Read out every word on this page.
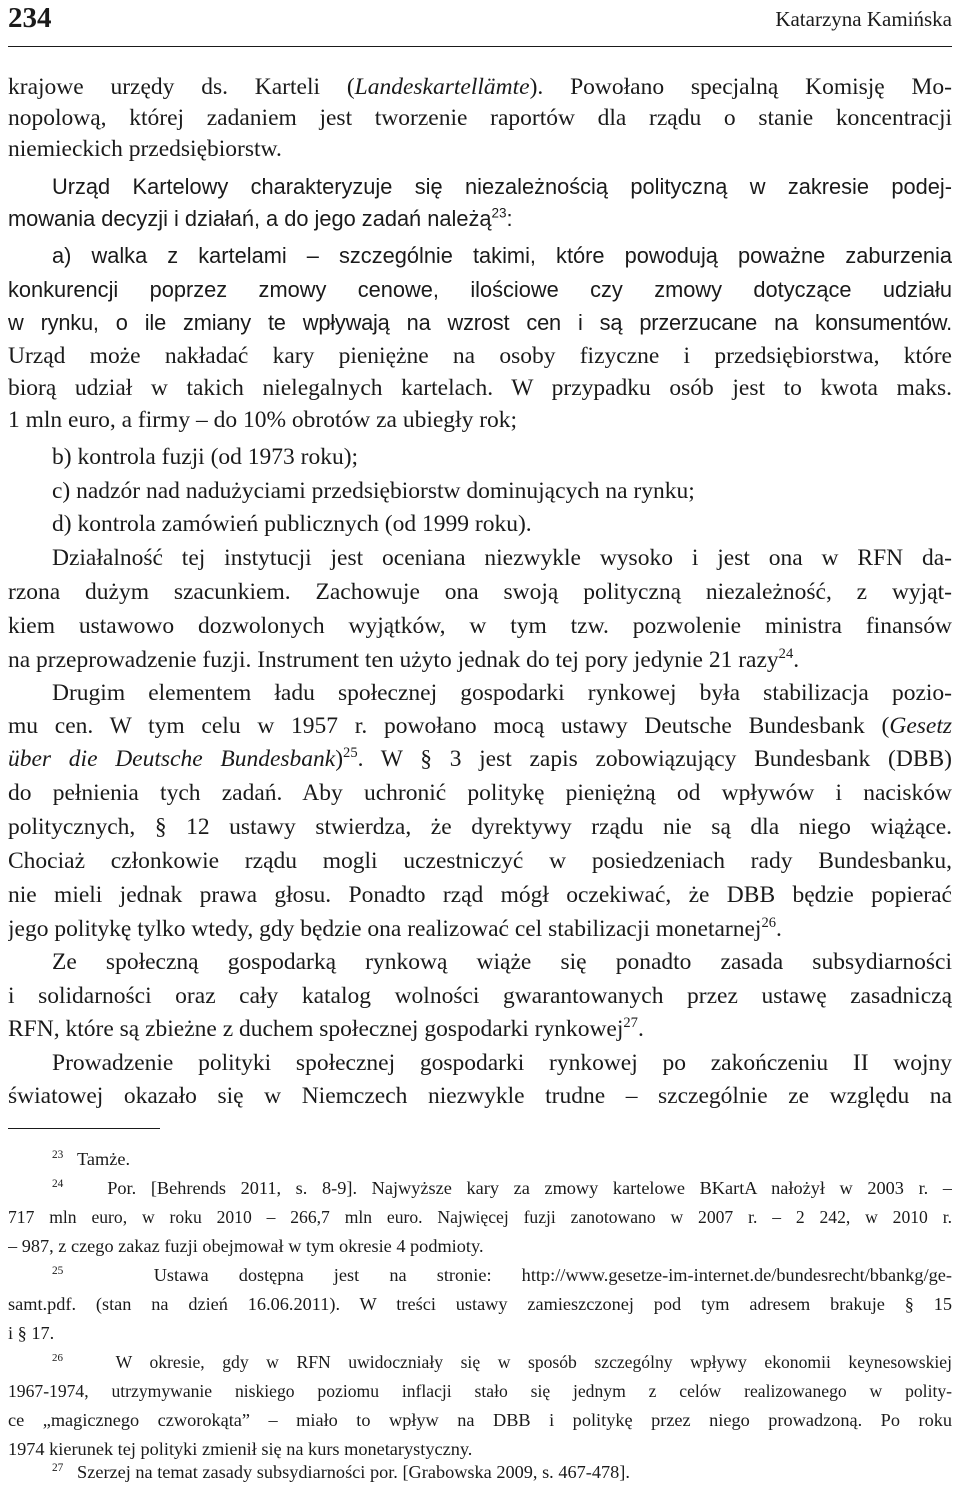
234	Katarzyna Kamińska
krajowe urzędy ds. Karteli (Landeskartellämte). Powołano specjalną Komisję Mo-
nopolową, której zadaniem jest tworzenie raportów dla rządu o stanie koncentracji
niemieckich przedsiębiorstw.
Urząd Kartelowy charakteryzuje się niezależnością polityczną w zakresie podej-
mowania decyzji i działań, a do jego zadań należą$^{23}$:
a) walka z kartelami – szczególnie takimi, które powodują poważne zaburzenia
konkurencji poprzez zmowy cenowe, ilościowe czy zmowy dotyczące udziału
w rynku, o ile zmiany te wpływają na wzrost cen i są przerzucane na konsumentów.
Urząd może nakładać kary pieniężne na osoby fizyczne i przedsiębiorstwa, które
biorą udział w takich nielegalnych kartelach. W przypadku osób jest to kwota maks.
1 mln euro, a firmy – do 10% obrotów za ubiegły rok;
b) kontrola fuzji (od 1973 roku);
c) nadzór nad nadużyciami przedsiębiorstw dominujących na rynku;
d) kontrola zamówień publicznych (od 1999 roku).
Działalność tej instytucji jest oceniana niezwykle wysoko i jest ona w RFN da-
rzona dużym szacunkiem. Zachowuje ona swoją polityczną niezależność, z wyjąt-
kiem ustawowo dozwolonych wyjątków, w tym tzw. pozwolenie ministra finansów
na przeprowadzenie fuzji. Instrument ten użyto jednak do tej pory jedynie 21 razy$^{24}$.
Drugim elementem ładu społecznej gospodarki rynkowej była stabilizacja pozio-
mu cen. W tym celu w 1957 r. powołano mocą ustawy Deutsche Bundesbank (Gesetz
über die Deutsche Bundesbank)$^{25}$. W § 3 jest zapis zobowiązujący Bundesbank (DBB)
do pełnienia tych zadań. Aby uchronić politykę pieniężną od wpływów i nacisków
politycznych, § 12 ustawy stwierdza, że dyrektywy rządu nie są dla niego wiążące.
Chociaż członkowie rządu mogli uczestniczyć w posiedzeniach rady Bundesbanku,
nie mieli jednak prawa głosu. Ponadto rząd mógł oczekiwać, że DBB będzie popierać
jego politykę tylko wtedy, gdy będzie ona realizować cel stabilizacji monetarnej$^{26}$.
Ze społeczną gospodarką rynkową wiąże się ponadto zasada subsydiarności
i solidarności oraz cały katalog wolności gwarantowanych przez ustawę zasadniczą
RFN, które są zbieżne z duchem społecznej gospodarki rynkowej$^{27}$.
Prowadzenie polityki społecznej gospodarki rynkowej po zakończeniu II wojny
światowej okazało się w Niemczech niezwykle trudne – szczególnie ze względu na
$^{23}$ Tamże.
$^{24}$ Por. [Behrends 2011, s. 8-9]. Najwyższe kary za zmowy kartelowe BKartA nałożył w 2003 r. –
717 mln euro, w roku 2010 – 266,7 mln euro. Najwięcej fuzji zanotowano w 2007 r. – 2 242, w 2010 r.
– 987, z czego zakaz fuzji obejmował w tym okresie 4 podmioty.
$^{25}$	Ustawa dostępna jest na stronie: http://www.gesetze-im-internet.de/bundesrecht/bbankg/ge-
samt.pdf. (stan na dzień 16.06.2011). W treści ustawy zamieszczonej pod tym adresem brakuje § 15
i § 17.
$^{26}$	W okresie, gdy w RFN uwidoczniały się w sposób szczególny wpływy ekonomii keynesowskiej
1967-1974, utrzymywanie niskiego poziomu inflacji stało się jednym z celów realizowanego w polity-
ce „magicznego czworokąta” – miało to wpływ na DBB i politykę przez niego prowadzoną. Po roku
1974 kierunek tej polityki zmienił się na kurs monetarystyczny.
$^{27}$ Szerzej na temat zasady subsydiarności por. [Grabowska 2009, s. 467-478].
